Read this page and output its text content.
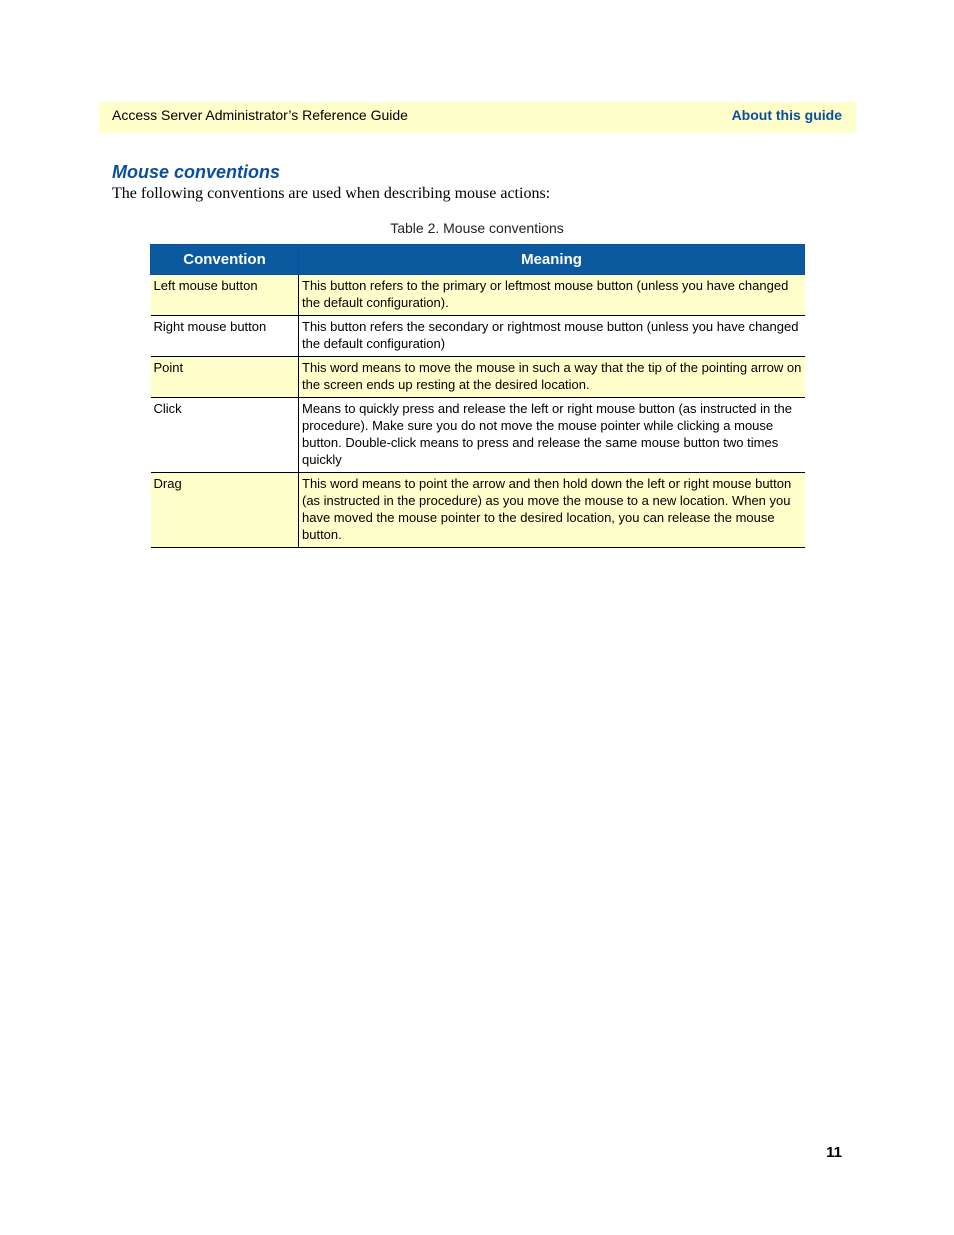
Access Server Administrator’s Reference Guide	About this guide
Mouse conventions
The following conventions are used when describing mouse actions:
Table 2. Mouse conventions
Convention	Meaning
Left mouse button	This button refers to the primary or leftmost mouse button (unless you have changed the default configuration).
Right mouse button	This button refers the secondary or rightmost mouse button (unless you have changed the default configuration)
Point	This word means to move the mouse in such a way that the tip of the pointing arrow on the screen ends up resting at the desired location.
Click	Means to quickly press and release the left or right mouse button (as instructed in the procedure). Make sure you do not move the mouse pointer while clicking a mouse button. Double-click means to press and release the same mouse button two times quickly
Drag	This word means to point the arrow and then hold down the left or right mouse button (as instructed in the procedure) as you move the mouse to a new location. When you have moved the mouse pointer to the desired location, you can release the mouse button.
11
